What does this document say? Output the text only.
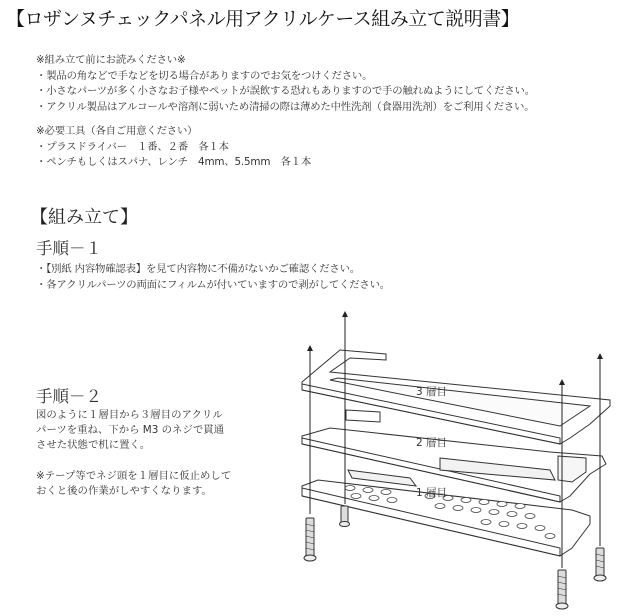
【ロザンヌチェックパネル用アクリルケース組み立て説明書】
※組み立て前にお読みください※
・製品の角などで手などを切る場合がありますのでお気をつけください。
・小さなパーツが多く小さなお子様やペットが誤飲する恐れもありますので手の触れぬようにしてください。
・アクリル製品はアルコールや溶剤に弱いため清掃の際は薄めた中性洗剤（食器用洗剤）をご利用ください。
※必要工具（各自ご用意ください）
・プラスドライバー　１番、２番　各１本
・ペンチもしくはスパナ、レンチ　4mm、5.5mm　各１本
【組み立て】
手順－１
・【別紙 内容物確認表】を見て内容物に不備がないかご確認ください。
・各アクリルパーツの両面にフィルムが付いていますので剥がしてください。
手順－２
図のように１層目から３層目のアクリル
パーツを重ね、下から M3 のネジで貫通
させた状態で机に置く。
※テープ等でネジ頭を１層目に仮止めして
おくと後の作業がしやすくなります。
3 層目
2 層目
1 層目
